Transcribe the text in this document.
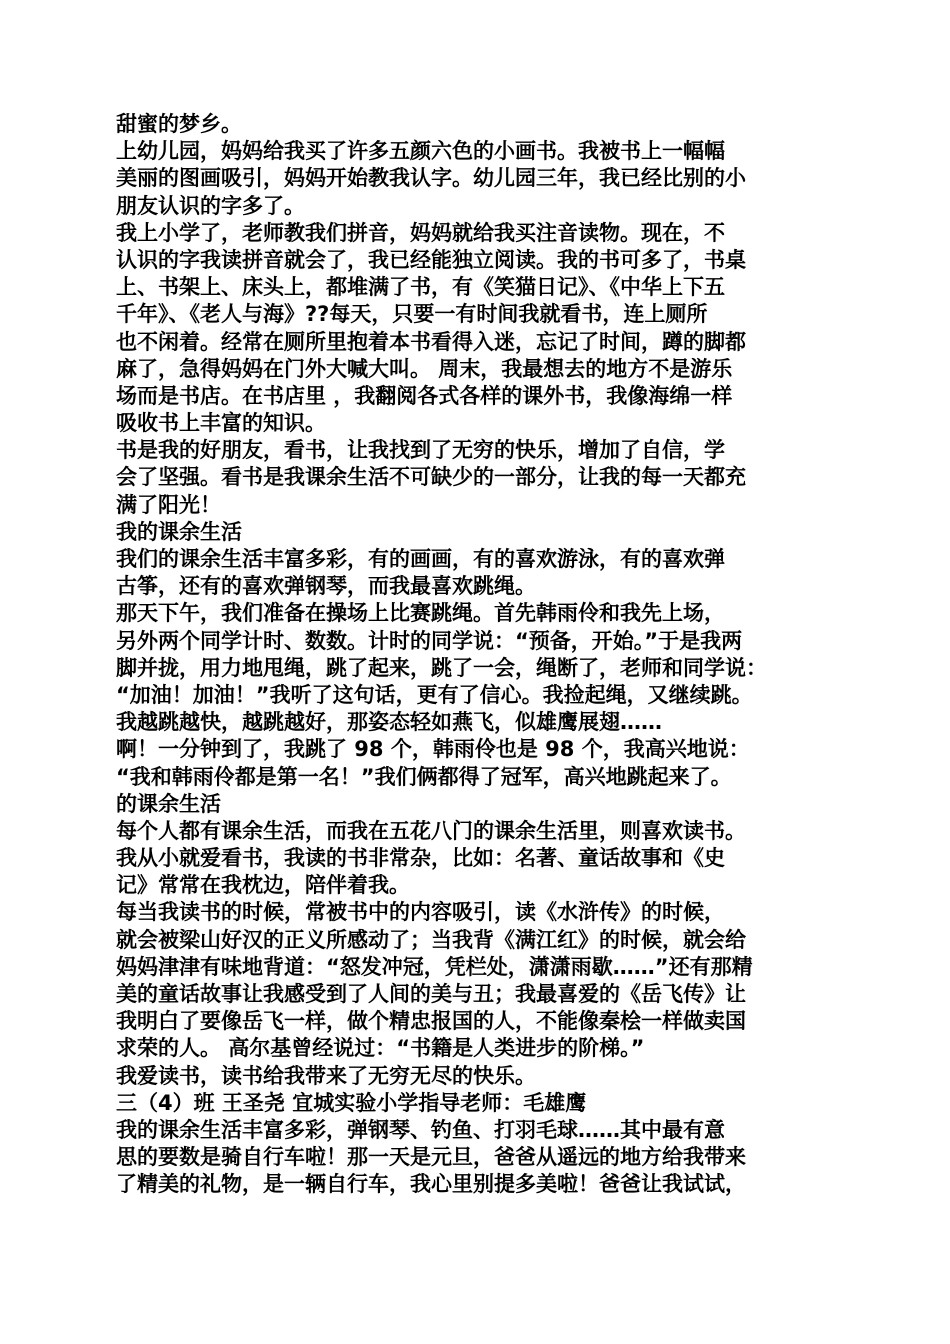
甜蜜的梦乡。
上幼儿园，妈妈给我买了许多五颜六色的小画书。我被书上一幅幅
美丽的图画吸引，妈妈开始教我认字。幼儿园三年，我已经比别的小
朋友认识的字多了。
我上小学了，老师教我们拼音，妈妈就给我买注音读物。现在，不
认识的字我读拼音就会了，我已经能独立阅读。我的书可多了，书桌
上、书架上、床头上，都堆满了书，有《笑猫日记》、《中华上下五
千年》、《老人与海》??每天，只要一有时间我就看书，连上厕所
也不闲着。经常在厕所里抱着本书看得入迷，忘记了时间，蹲的脚都
麻了，急得妈妈在门外大喊大叫。 周末，我最想去的地方不是游乐
场而是书店。在书店里 ，我翻阅各式各样的课外书，我像海绵一样
吸收书上丰富的知识。
书是我的好朋友，看书，让我找到了无穷的快乐，增加了自信，学
会了坚强。看书是我课余生活不可缺少的一部分，让我的每一天都充
满了阳光！
我的课余生活
我们的课余生活丰富多彩，有的画画，有的喜欢游泳，有的喜欢弹
古筝，还有的喜欢弹钢琴，而我最喜欢跳绳。
那天下午，我们准备在操场上比赛跳绳。首先韩雨伶和我先上场，
另外两个同学计时、数数。计时的同学说：“预备，开始。”于是我两
脚并拢，用力地甩绳，跳了起来，跳了一会，绳断了，老师和同学说：
“加油！加油！”我听了这句话，更有了信心。我捡起绳，又继续跳。
我越跳越快，越跳越好，那姿态轻如燕飞，似雄鹰展翅……
啊！一分钟到了，我跳了 98 个，韩雨伶也是 98 个，我高兴地说：
“我和韩雨伶都是第一名！”我们俩都得了冠军，高兴地跳起来了。
的课余生活
每个人都有课余生活，而我在五花八门的课余生活里，则喜欢读书。
我从小就爱看书，我读的书非常杂，比如：名著、童话故事和《史
记》常常在我枕边，陪伴着我。
每当我读书的时候，常被书中的内容吸引，读《水浒传》的时候，
就会被梁山好汉的正义所感动了；当我背《满江红》的时候，就会给
妈妈津津有味地背道：“怒发冲冠，凭栏处，潇潇雨歇……”还有那精
美的童话故事让我感受到了人间的美与丑；我最喜爱的《岳飞传》让
我明白了要像岳飞一样，做个精忠报国的人，不能像秦桧一样做卖国
求荣的人。 高尔基曾经说过：“书籍是人类进步的阶梯。”
我爱读书，读书给我带来了无穷无尽的快乐。
三（4）班 王圣尧 宜城实验小学指导老师：毛雄鹰
我的课余生活丰富多彩，弹钢琴、钓鱼、打羽毛球……其中最有意
思的要数是骑自行车啦！那一天是元旦，爸爸从遥远的地方给我带来
了精美的礼物，是一辆自行车，我心里别提多美啦！爸爸让我试试，
